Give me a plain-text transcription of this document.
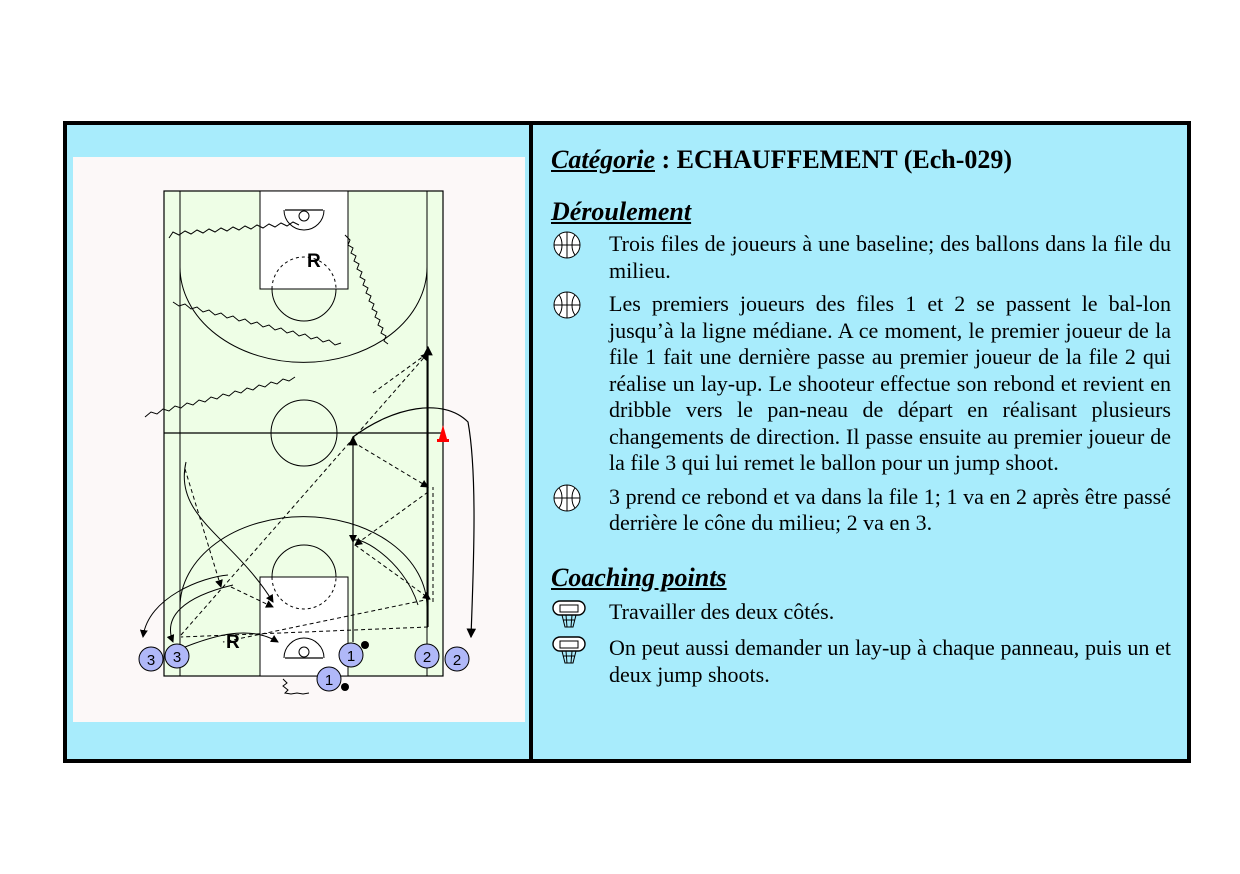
R
R
3 3	1
1
2 2

Catégorie : ECHAUFFEMENT (Ech-029)

Déroulement

Trois files de joueurs à une baseline; des ballons dans la file du milieu.
Les premiers joueurs des files 1 et 2 se passent le bal-lon jusqu’à la ligne médiane. A ce moment, le premier joueur de la file 1 fait une dernière passe au premier joueur de la file 2 qui réalise un lay-up. Le shooteur effectue son rebond et revient en dribble vers le pan-neau de départ en réalisant plusieurs changements de direction. Il passe ensuite au premier joueur de la file 3 qui lui remet le ballon pour un jump shoot.
3 prend ce rebond et va dans la file 1; 1 va en 2 après être passé derrière le cône du milieu; 2 va en 3.

Coaching points

Travailler des deux côtés.
On peut aussi demander un lay-up à chaque panneau, puis un et deux jump shoots.
